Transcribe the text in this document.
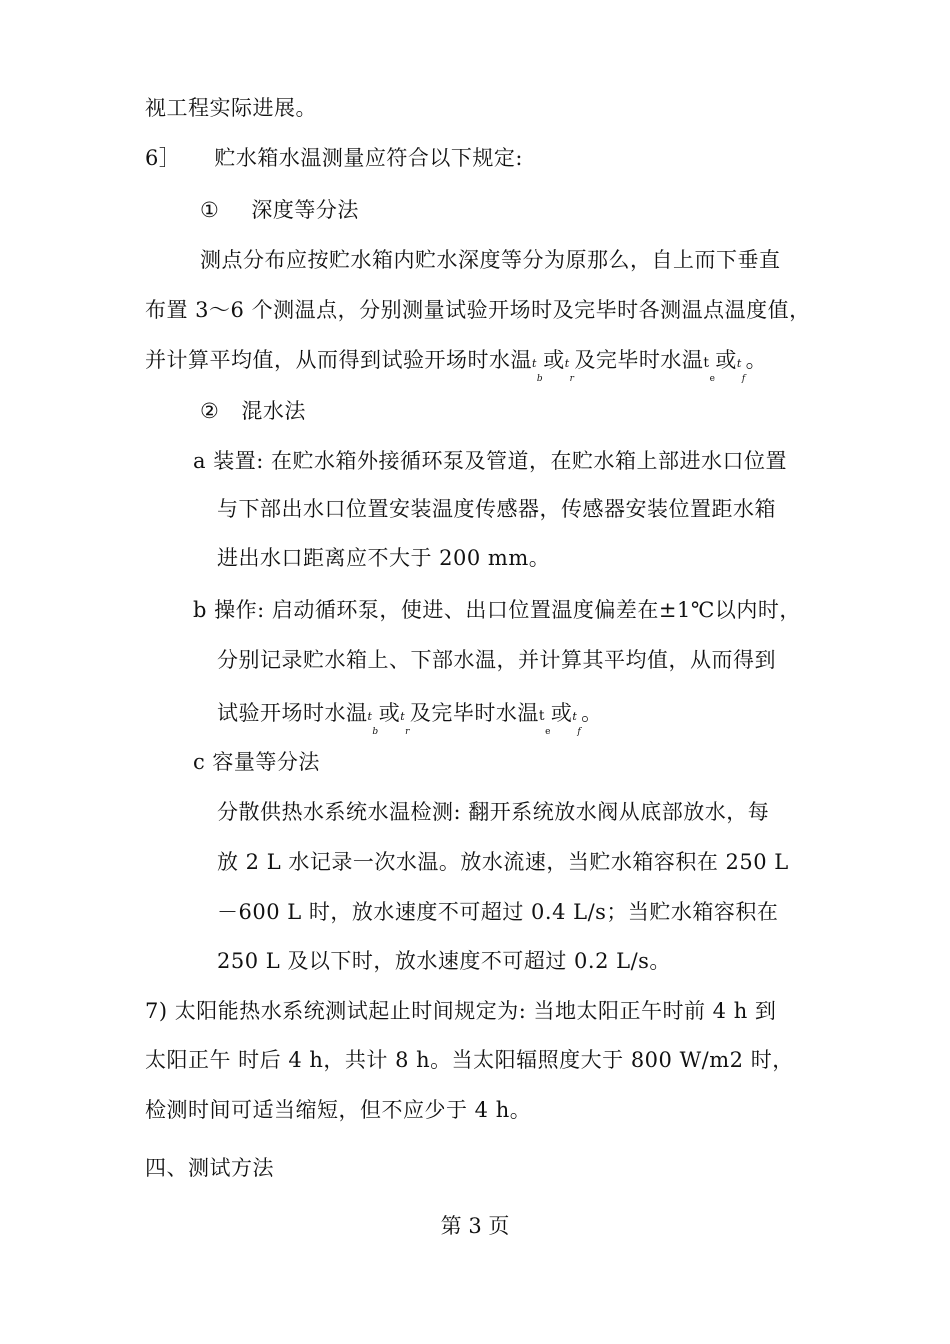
视工程实际进展。
6］ 贮水箱水温测量应符合以下规定:
① 深度等分法
测点分布应按贮水箱内贮水深度等分为原那么，自上而下垂直
布置 3～6 个测温点，分别测量试验开场时及完毕时各测温点温度值，
并计算平均值，从而得到试验开场时水温$t_b$或$t_r$及完毕时水温$t_e$或$t_f$。
② 混水法
a 装置: 在贮水箱外接循环泵及管道，在贮水箱上部进水口位置
与下部出水口位置安装温度传感器，传感器安装位置距水箱
进出水口距离应不大于 200 mm。
b 操作: 启动循环泵，使进、出口位置温度偏差在±1℃以内时，
分别记录贮水箱上、下部水温，并计算其平均值，从而得到
试验开场时水温$t_b$或$t_r$及完毕时水温$t_e$或$t_f$。
c 容量等分法
分散供热水系统水温检测: 翻开系统放水阀从底部放水，每
放 2 L 水记录一次水温。放水流速，当贮水箱容积在 250 L
－600 L 时，放水速度不可超过 0.4 L/s；当贮水箱容积在
250 L 及以下时，放水速度不可超过 0.2 L/s。
7) 太阳能热水系统测试起止时间规定为: 当地太阳正午时前 4 h 到
太阳正午 时后 4 h，共计 8 h。当太阳辐照度大于 800 W/m2 时，
检测时间可适当缩短，但不应少于 4 h。
四、测试方法
第 3 页
